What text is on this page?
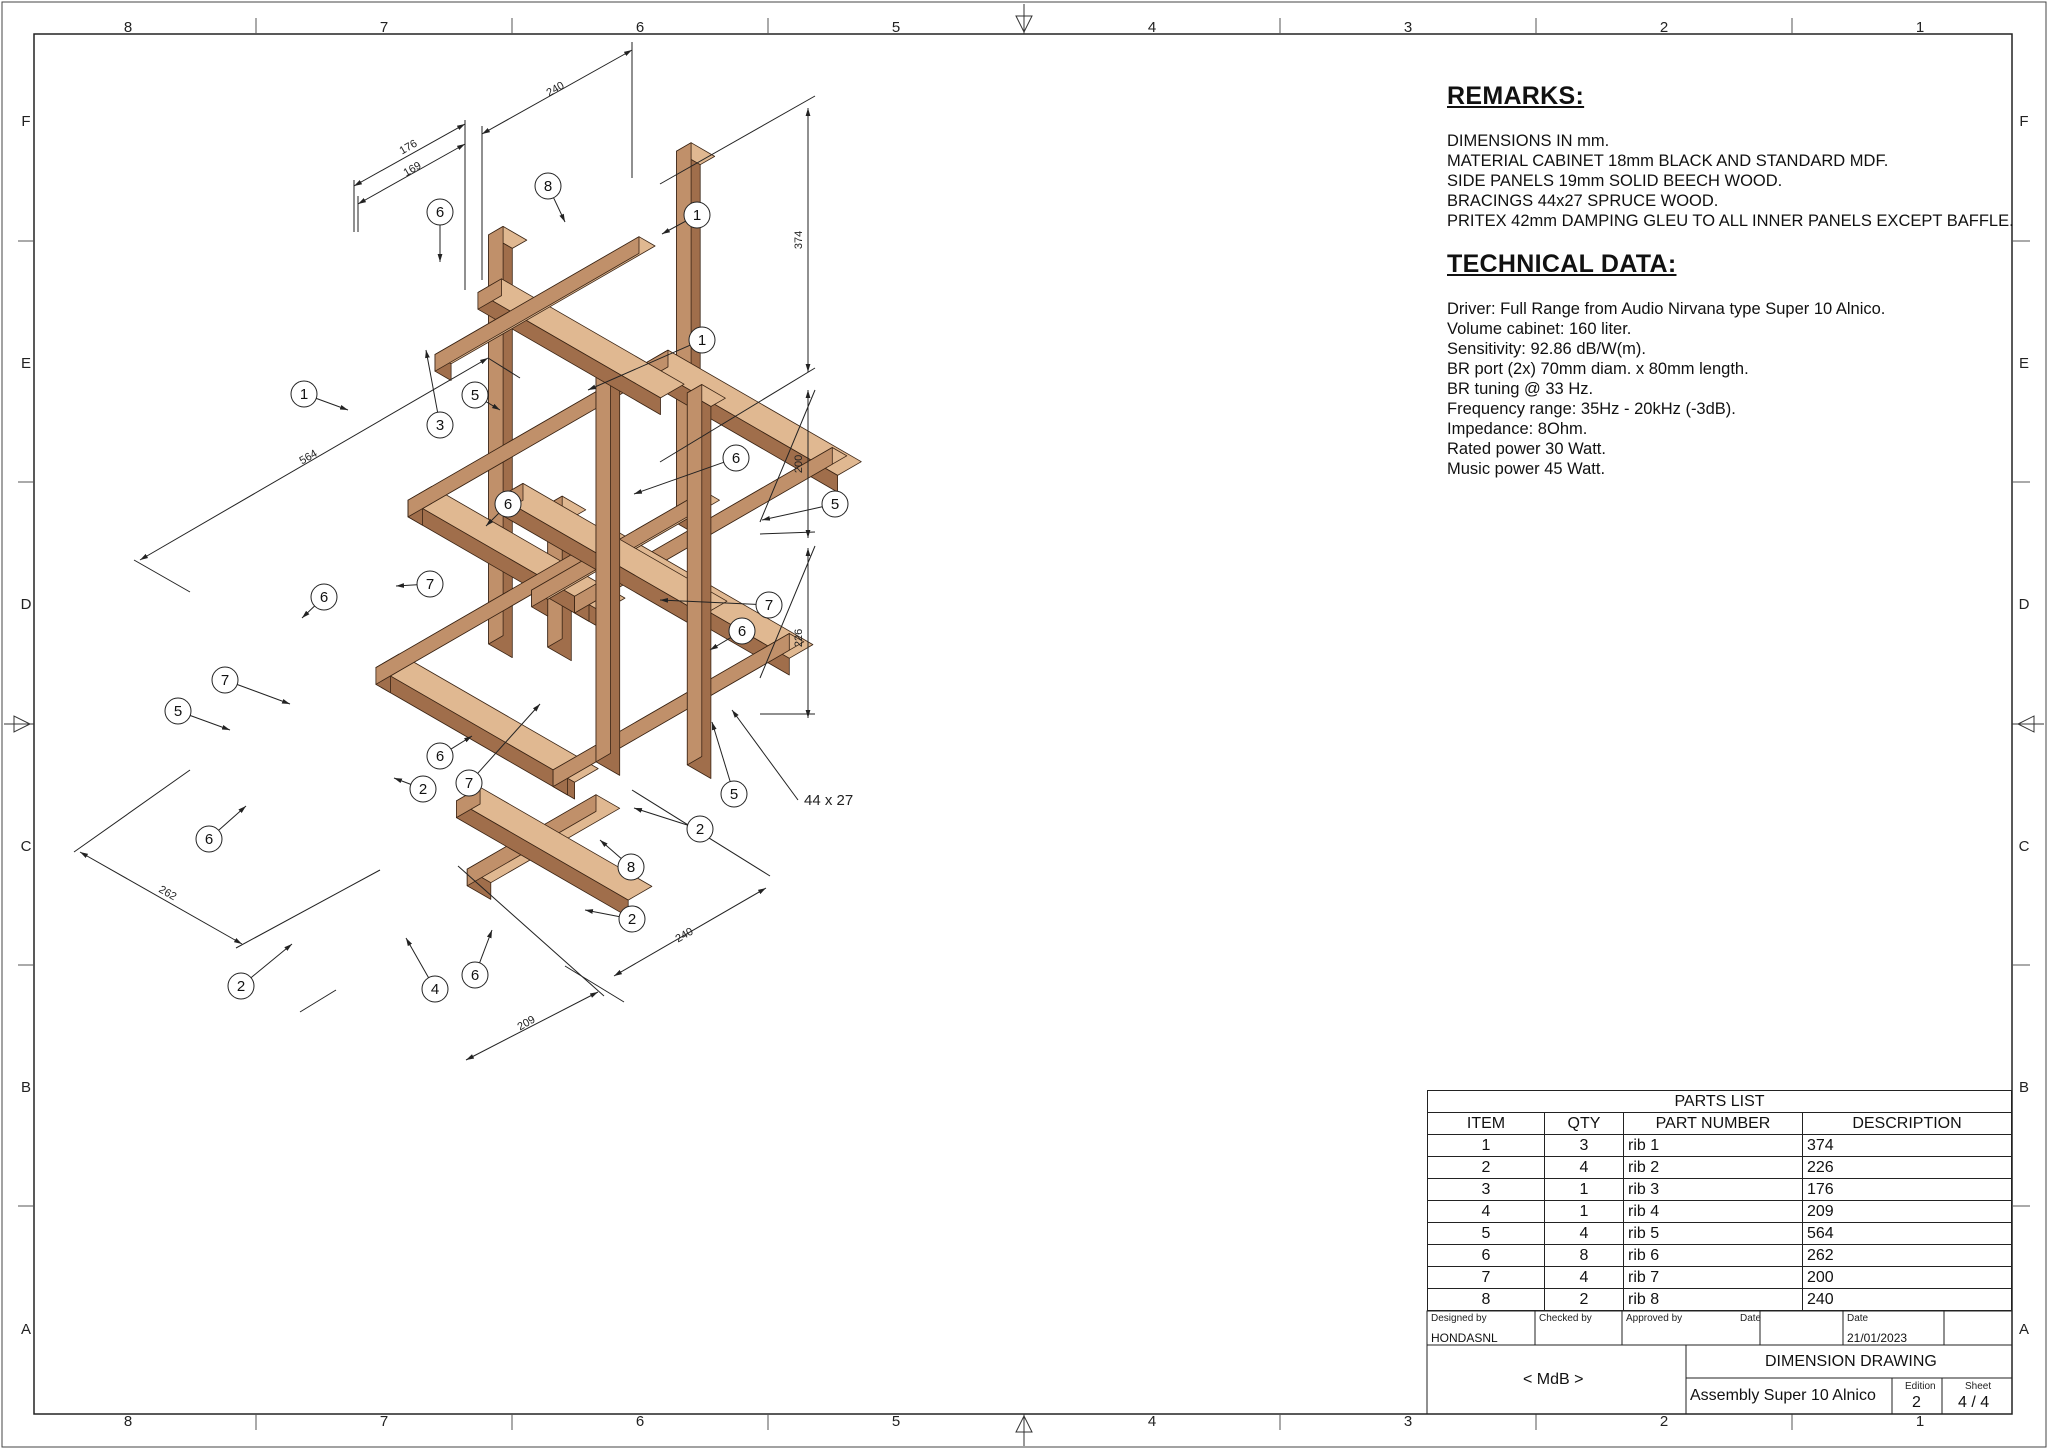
8	7	6	5	4	3	2	1
8	7	6	5	4	3	2	1
F
E
D
C
B
A
F
E
D
C
B
A
240
176
169
374
564	200
226
262
240
209
44 x 27
8
6	1
1
1
3
5
6
5
6
6
7
7
6
7
5
6
7
2	5
6
2
8
2
2	4
6
REMARKS:
DIMENSIONS IN mm.
MATERIAL CABINET 18mm BLACK AND STANDARD MDF.
SIDE PANELS 19mm SOLID BEECH WOOD.
BRACINGS 44x27 SPRUCE WOOD.
PRITEX 42mm DAMPING GLEU TO ALL INNER PANELS EXCEPT BAFFLE.
TECHNICAL DATA:
Driver: Full Range from Audio Nirvana type Super 10 Alnico.
Volume cabinet: 160 liter.
Sensitivity: 92.86 dB/W(m).
BR port (2x) 70mm diam. x 80mm length.
BR tuning @ 33 Hz.
Frequency range: 35Hz - 20kHz (-3dB).
Impedance: 8Ohm.
Rated power 30 Watt.
Music power 45 Watt.
PARTS LIST			
ITEM	QTY	PART NUMBER	DESCRIPTION
1	3	rib 1	374
2	4	rib 2	226
3	1	rib 3	176
4	1	rib 4	209
5	4	rib 5	564
6	8	rib 6	262
7	4	rib 7	200
8	2	rib 8	240
Designed by
HONDASNL
Checked by	Approved by	Date	Date
21/01/2023
< MdB >
DIMENSION DRAWING
Assembly Super 10 Alnico
Edition
2
Sheet
4 / 4
